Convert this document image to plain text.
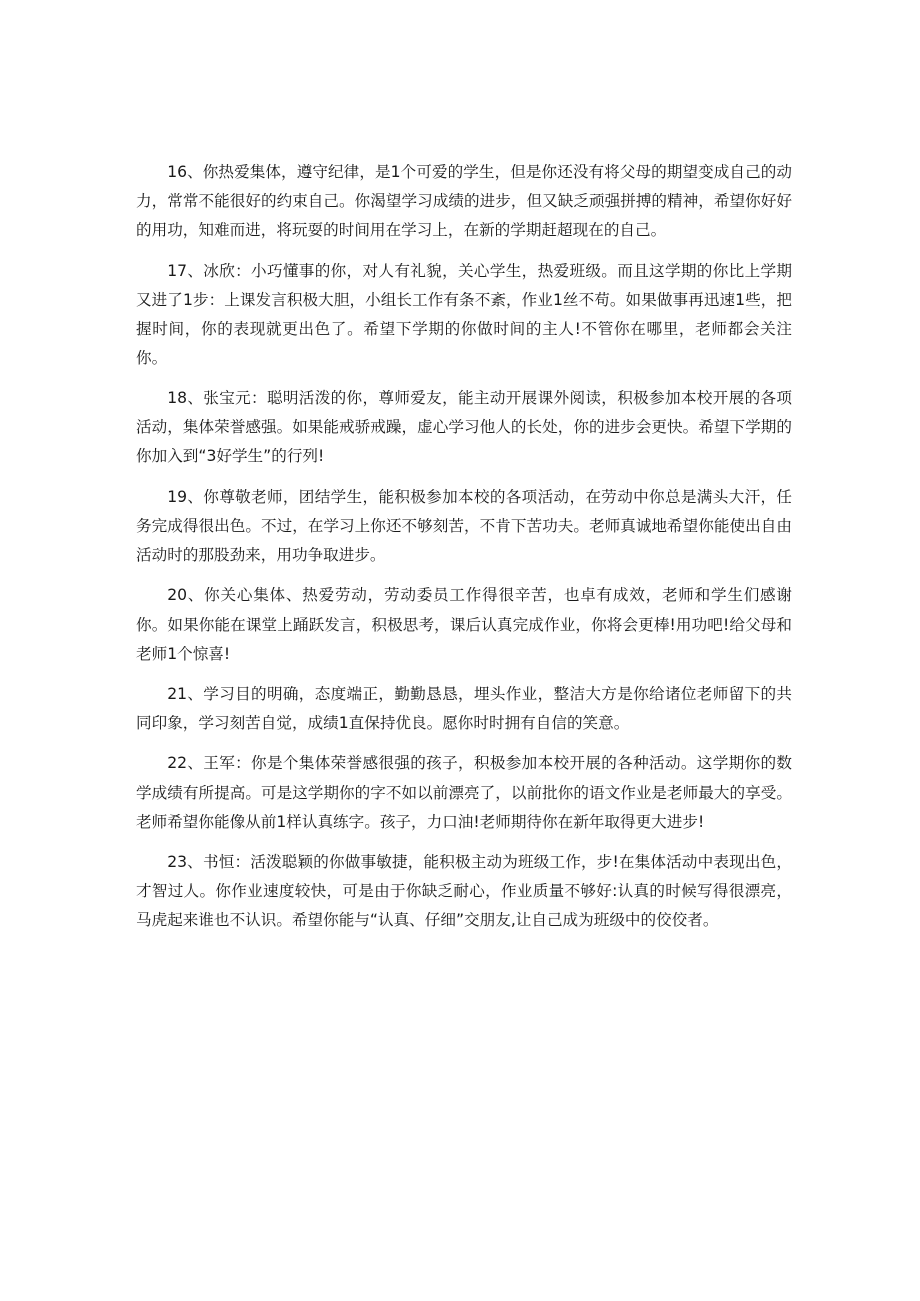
16、你热爱集体，遵守纪律，是1个可爱的学生，但是你还没有将父母的期望变成自己的动力，常常不能很好的约束自己。你渴望学习成绩的进步，但又缺乏顽强拼搏的精神，希望你好好的用功，知难而进，将玩耍的时间用在学习上，在新的学期赶超现在的自己。

17、冰欣：小巧懂事的你，对人有礼貌，关心学生，热爱班级。而且这学期的你比上学期又进了1步：上课发言积极大胆，小组长工作有条不紊，作业1丝不苟。如果做事再迅速1些，把握时间，你的表现就更出色了。希望下学期的你做时间的主人!不管你在哪里，老师都会关注你。

18、张宝元：聪明活泼的你，尊师爱友，能主动开展课外阅读，积极参加本校开展的各项活动，集体荣誉感强。如果能戒骄戒躁，虚心学习他人的长处，你的进步会更快。希望下学期的你加入到“3好学生”的行列!

19、你尊敬老师，团结学生，能积极参加本校的各项活动，在劳动中你总是满头大汗，任务完成得很出色。不过，在学习上你还不够刻苦，不肯下苦功夫。老师真诚地希望你能使出自由活动时的那股劲来，用功争取进步。

20、你关心集体、热爱劳动，劳动委员工作得很辛苦，也卓有成效，老师和学生们感谢你。如果你能在课堂上踊跃发言，积极思考，课后认真完成作业，你将会更棒!用功吧!给父母和老师1个惊喜!

21、学习目的明确，态度端正，勤勤恳恳，埋头作业，整洁大方是你给诸位老师留下的共同印象，学习刻苦自觉，成绩1直保持优良。愿你时时拥有自信的笑意。

22、王军：你是个集体荣誉感很强的孩子，积极参加本校开展的各种活动。这学期你的数学成绩有所提高。可是这学期你的字不如以前漂亮了，以前批你的语文作业是老师最大的享受。老师希望你能像从前1样认真练字。孩子，力口油!老师期待你在新年取得更大进步!

23、书恒：活泼聪颖的你做事敏捷，能积极主动为班级工作，步!在集体活动中表现出色，才智过人。你作业速度较快，可是由于你缺乏耐心，作业质量不够好:认真的时候写得很漂亮，马虎起来谁也不认识。希望你能与“认真、仔细”交朋友,让自己成为班级中的佼佼者。
